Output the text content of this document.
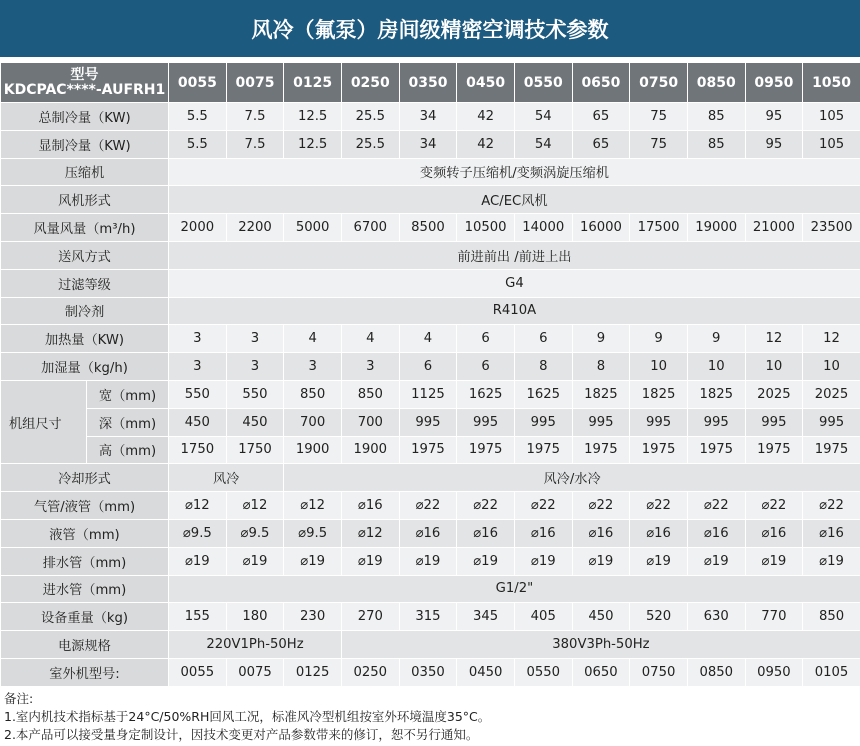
风冷（氟泵）房间级精密空调技术参数
型号
KDCPAC****-AUFRH1		0055	0075	0125	0250	0350	0450	0550	0650	0750	0850	0950	1050
总制冷量（KW)		5.5	7.5	12.5	25.5	34	42	54	65	75	85	95	105
显制冷量（KW)		5.5	7.5	12.5	25.5	34	42	54	65	75	85	95	105
压缩机		变频转子压缩机/变频涡旋压缩机											
风机形式		AC/EC风机											
风量风量（m³/h)		2000	2200	5000	6700	8500	10500	14000	16000	17500	19000	21000	23500
送风方式		前进前出 /前进上出											
过滤等级		G4											
制冷剂		R410A											
加热量（KW)		3	3	4	4	4	6	6	9	9	9	12	12
加湿量（kg/h)		3	3	3	3	6	6	8	8	10	10	10	10
机组尺寸	宽（mm)	550	550	850	850	1125	1625	1625	1825	1825	1825	2025	2025
	深（mm)	450	450	700	700	995	995	995	995	995	995	995	995
	高（mm)	1750	1750	1900	1900	1975	1975	1975	1975	1975	1975	1975	1975
冷却形式		风冷		风冷/水冷									
气管/液管（mm)		⌀12	⌀12	⌀12	⌀16	⌀22	⌀22	⌀22	⌀22	⌀22	⌀22	⌀22	⌀22
液管（mm)		⌀9.5	⌀9.5	⌀9.5	⌀12	⌀16	⌀16	⌀16	⌀16	⌀16	⌀16	⌀16	⌀16
排水管（mm)		⌀19	⌀19	⌀19	⌀19	⌀19	⌀19	⌀19	⌀19	⌀19	⌀19	⌀19	⌀19
进水管（mm)		G1/2"											
设备重量（kg)		155	180	230	270	315	345	405	450	520	630	770	850
电源规格		220V1Ph-50Hz			380V3Ph-50Hz								
室外机型号:		0055	0075	0125	0250	0350	0450	0550	0650	0750	0850	0950	0105
备注:
1.室内机技术指标基于24°C/50%RH回风工况，标准风冷型机组按室外环境温度35°C。
2.本产品可以接受量身定制设计，因技术变更对产品参数带来的修订，恕不另行通知。
